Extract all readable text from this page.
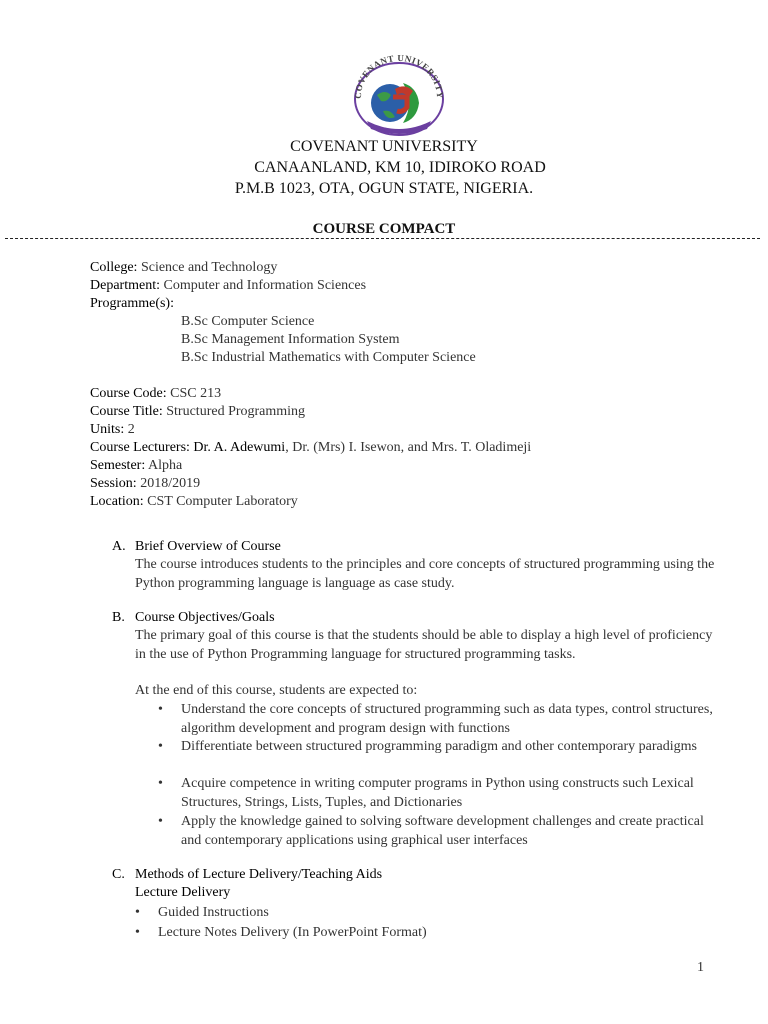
COVENANT UNIVERSITY
COVENANT UNIVERSITY
CANAANLAND, KM 10, IDIROKO ROAD
P.M.B 1023, OTA, OGUN STATE, NIGERIA.
COURSE COMPACT
College: Science and Technology
Department: Computer and Information Sciences
Programme(s):
B.Sc Computer Science
B.Sc Management Information System
B.Sc Industrial Mathematics with Computer Science
Course Code: CSC 213
Course Title: Structured Programming
Units: 2
Course Lecturers: Dr. A. Adewumi, Dr. (Mrs) I. Isewon, and Mrs. T. Oladimeji
Semester: Alpha
Session: 2018/2019
Location: CST Computer Laboratory
A. Brief Overview of Course
The course introduces students to the principles and core concepts of structured programming using the Python programming language is language as case study.
B. Course Objectives/Goals
The primary goal of this course is that the students should be able to display a high level of proficiency in the use of Python Programming language for structured programming tasks.
At the end of this course, students are expected to:
• Understand the core concepts of structured programming such as data types, control structures, algorithm development and program design with functions
• Differentiate between structured programming paradigm and other contemporary paradigms
• Acquire competence in writing computer programs in Python using constructs such Lexical Structures, Strings, Lists, Tuples, and Dictionaries
• Apply the knowledge gained to solving software development challenges and create practical and contemporary applications using graphical user interfaces
C. Methods of Lecture Delivery/Teaching Aids
Lecture Delivery
• Guided Instructions
• Lecture Notes Delivery (In PowerPoint Format)
1
